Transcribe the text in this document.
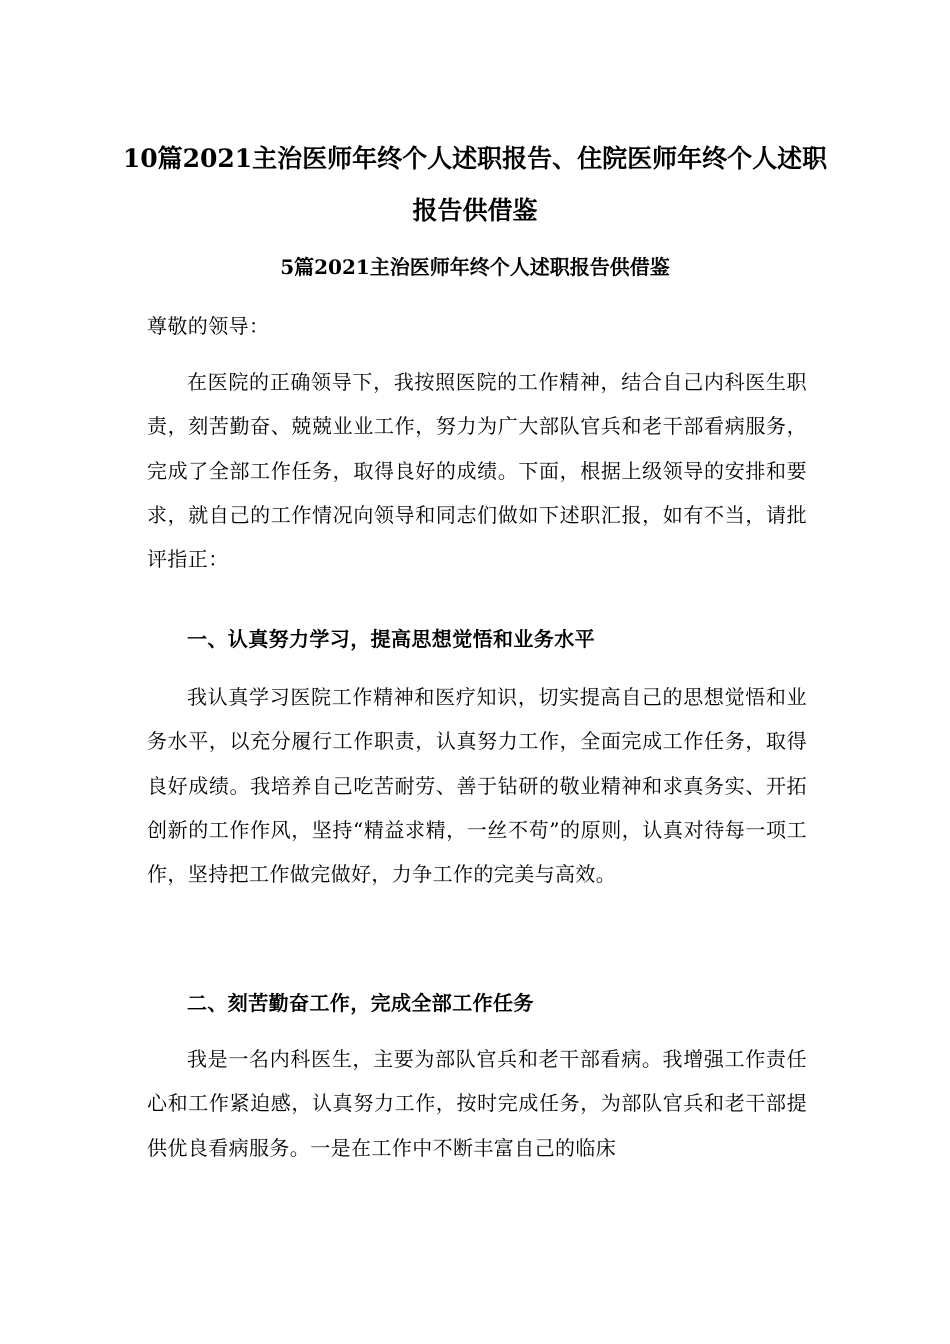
10篇2021主治医师年终个人述职报告、住院医师年终个人述职报告供借鉴
5篇2021主治医师年终个人述职报告供借鉴

尊敬的领导：

在医院的正确领导下，我按照医院的工作精神，结合自己内科医生职责，刻苦勤奋、兢兢业业工作，努力为广大部队官兵和老干部看病服务，完成了全部工作任务，取得良好的成绩。下面，根据上级领导的安排和要求，就自己的工作情况向领导和同志们做如下述职汇报，如有不当，请批评指正：

一、认真努力学习，提高思想觉悟和业务水平

我认真学习医院工作精神和医疗知识，切实提高自己的思想觉悟和业务水平，以充分履行工作职责，认真努力工作，全面完成工作任务，取得良好成绩。我培养自己吃苦耐劳、善于钻研的敬业精神和求真务实、开拓创新的工作作风，坚持“精益求精，一丝不苟”的原则，认真对待每一项工作，坚持把工作做完做好，力争工作的完美与高效。

二、刻苦勤奋工作，完成全部工作任务

我是一名内科医生，主要为部队官兵和老干部看病。我增强工作责任心和工作紧迫感，认真努力工作，按时完成任务，为部队官兵和老干部提供优良看病服务。一是在工作中不断丰富自己的临床
